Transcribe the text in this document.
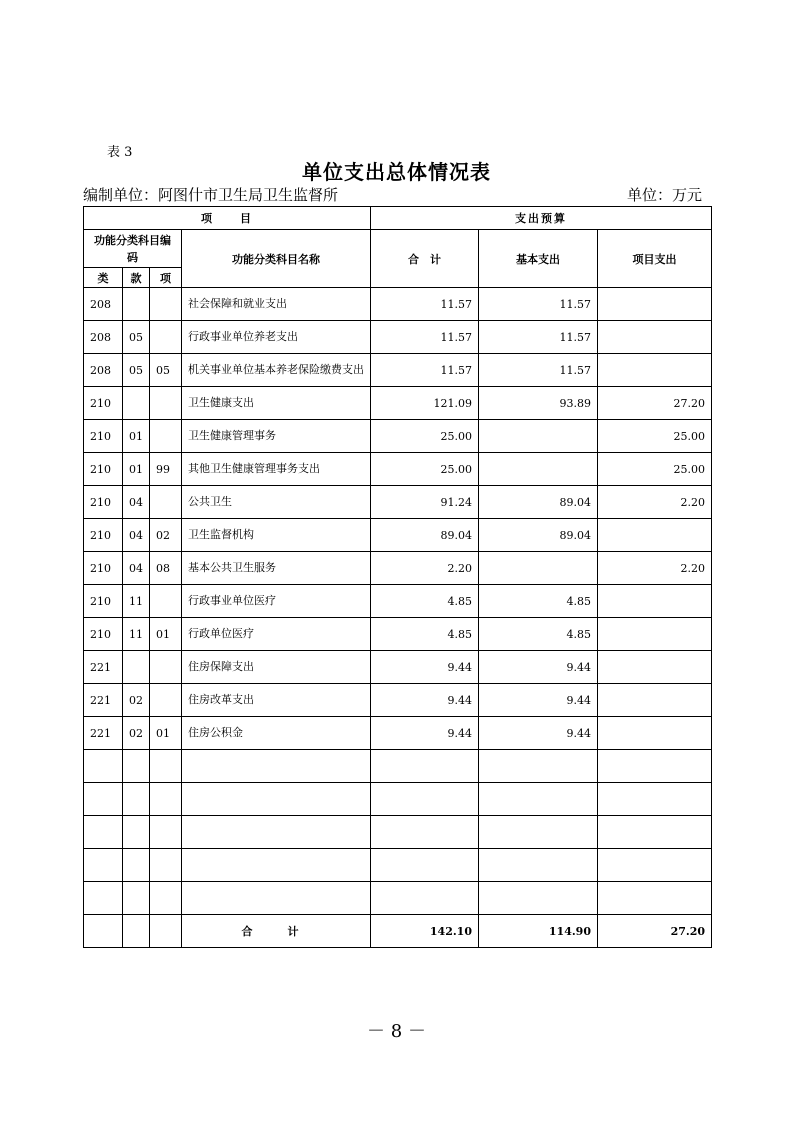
表 3
单位支出总体情况表
编制单位：阿图什市卫生局卫生监督所	单位：万元
项　　目				支出预算		
功能分类科目编码			功能分类科目名称	合　计	基本支出	项目支出
类	款	项				
208			社会保障和就业支出	11.57	11.57	
208	05		行政事业单位养老支出	11.57	11.57	
208	05	05	机关事业单位基本养老保险缴费支出	11.57	11.57	
210			卫生健康支出	121.09	93.89	27.20
210	01		卫生健康管理事务	25.00		25.00
210	01	99	其他卫生健康管理事务支出	25.00		25.00
210	04		公共卫生	91.24	89.04	2.20
210	04	02	卫生监督机构	89.04	89.04	
210	04	08	基本公共卫生服务	2.20		2.20
210	11		行政事业单位医疗	4.85	4.85	
210	11	01	行政单位医疗	4.85	4.85	
221			住房保障支出	9.44	9.44	
221	02		住房改革支出	9.44	9.44	
221	02	01	住房公积金	9.44	9.44	

			合　计	142.10	114.90	27.20
－ 8 －
